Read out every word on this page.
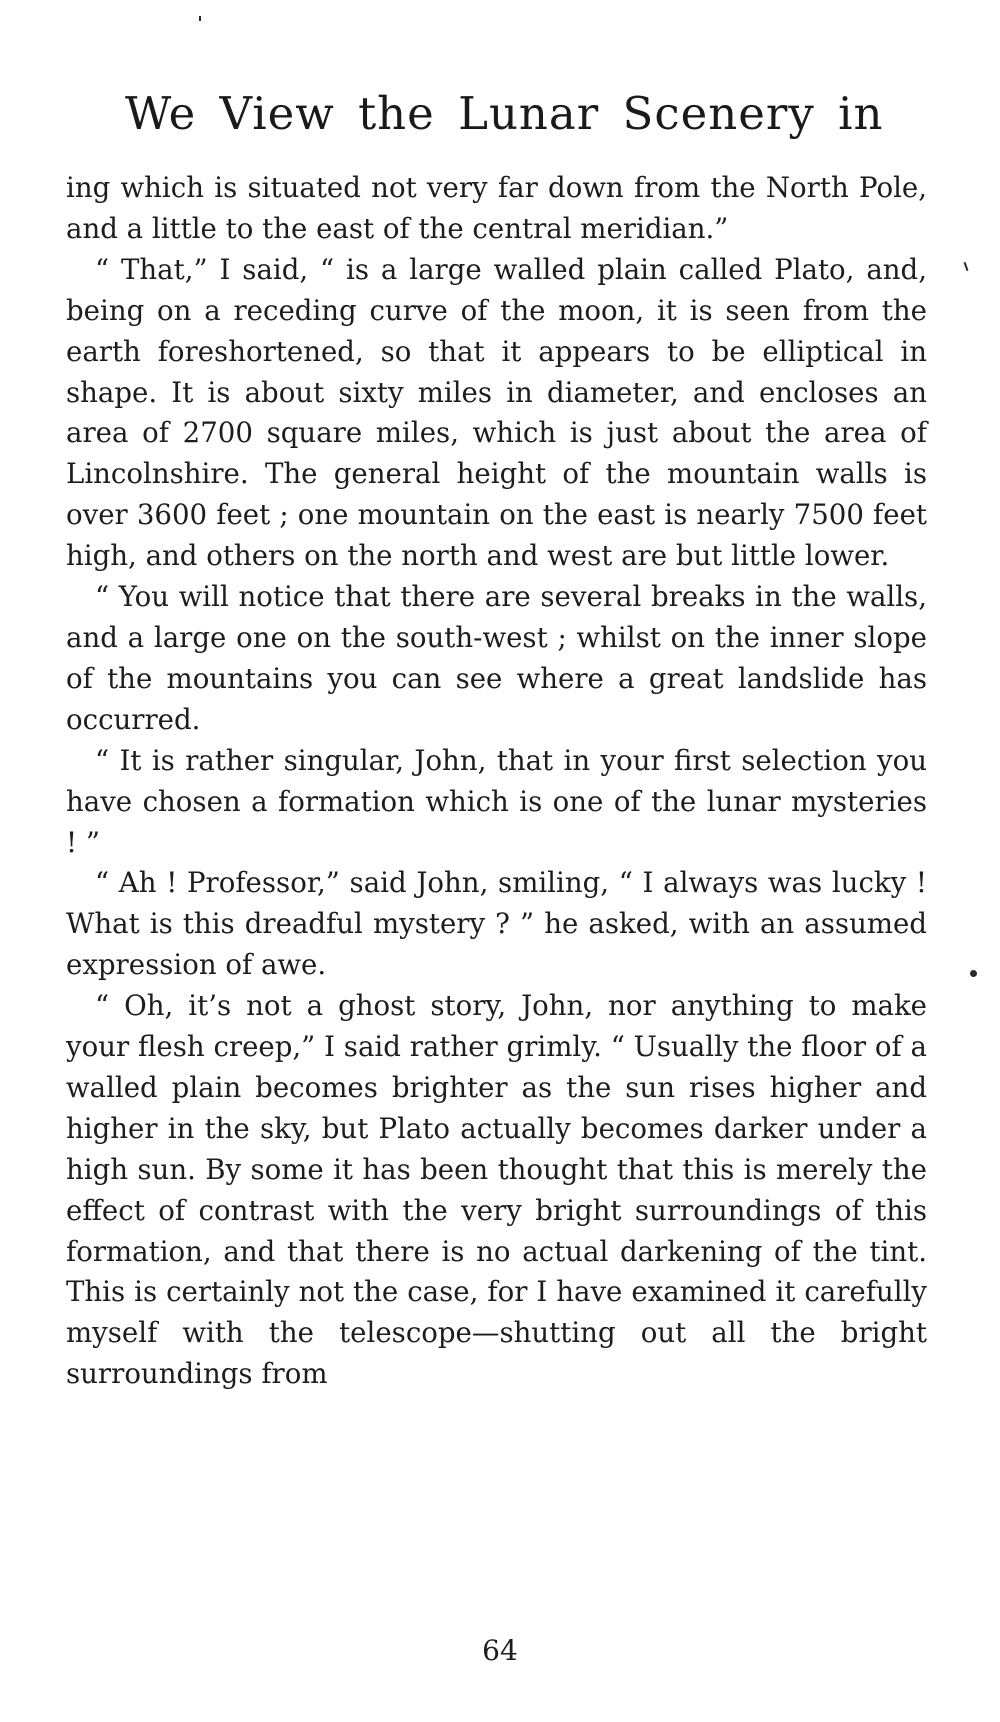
We View the Lunar Scenery in

ing which is situated not very far down from the North Pole, and a little to the east of the central meridian.”

“ That,” I said, “ is a large walled plain called Plato, and, being on a receding curve of the moon, it is seen from the earth foreshortened, so that it appears to be elliptical in shape. It is about sixty miles in diameter, and encloses an area of 2700 square miles, which is just about the area of Lincolnshire. The general height of the mountain walls is over 3600 feet ; one mountain on the east is nearly 7500 feet high, and others on the north and west are but little lower.

“ You will notice that there are several breaks in the walls, and a large one on the south-west ; whilst on the inner slope of the mountains you can see where a great landslide has occurred.

“ It is rather singular, John, that in your first selection you have chosen a formation which is one of the lunar mysteries ! ”

“ Ah ! Professor,” said John, smiling, “ I always was lucky ! What is this dreadful mystery ? ” he asked, with an assumed expression of awe.

“ Oh, it’s not a ghost story, John, nor anything to make your flesh creep,” I said rather grimly. “ Usually the floor of a walled plain becomes brighter as the sun rises higher and higher in the sky, but Plato actually becomes darker under a high sun. By some it has been thought that this is merely the effect of contrast with the very bright surroundings of this formation, and that there is no actual darkening of the tint. This is certainly not the case, for I have examined it carefully myself with the telescope—shutting out all the bright surroundings from

64
